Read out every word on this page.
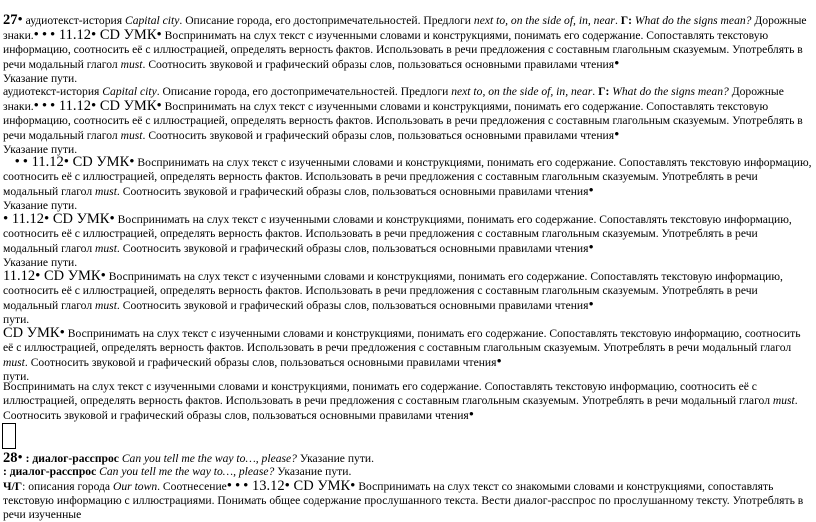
27• аудиотекст-история Capital city. Описание города, его достопримечательностей. Предлоги next to, on the side of, in, near. Г: What do the signs mean? Дорожные знаки.• • • 11.12• CD УМК• Воспринимать на слух текст с изученными словами и конструкциями, понимать его содержание. Сопоставлять текстовую информацию, соотносить её с иллюстрацией, определять верность фактов. Использовать в речи предложения с составным глагольным сказуемым. Употреблять в речи модальный глагол must. Соотносить звуковой и графический образы слов, пользоваться основными правилами чтения•
Указание пути.
аудиотекст-история Capital city. Описание города, его достопримечательностей. Предлоги next to, on the side of, in, near. Г: What do the signs mean? Дорожные знаки.• • • 11.12• CD УМК• Воспринимать на слух текст с изученными словами и конструкциями, понимать его содержание. Сопоставлять текстовую информацию, соотносить её с иллюстрацией, определять верность фактов. Использовать в речи предложения с составным глагольным сказуемым. Употреблять в речи модальный глагол must. Соотносить звуковой и графический образы слов, пользоваться основными правилами чтения•
Указание пути.
• • 11.12• CD УМК• Воспринимать на слух текст с изученными словами и конструкциями, понимать его содержание. Сопоставлять текстовую информацию, соотносить её с иллюстрацией, определять верность фактов. Использовать в речи предложения с составным глагольным сказуемым. Употреблять в речи модальный глагол must. Соотносить звуковой и графический образы слов, пользоваться основными правилами чтения•
Указание пути.
• 11.12• CD УМК• Воспринимать на слух текст с изученными словами и конструкциями, понимать его содержание. Сопоставлять текстовую информацию, соотносить её с иллюстрацией, определять верность фактов. Использовать в речи предложения с составным глагольным сказуемым. Употреблять в речи модальный глагол must. Соотносить звуковой и графический образы слов, пользоваться основными правилами чтения•
Указание пути.
11.12• CD УМК• Воспринимать на слух текст с изученными словами и конструкциями, понимать его содержание. Сопоставлять текстовую информацию, соотносить её с иллюстрацией, определять верность фактов. Использовать в речи предложения с составным глагольным сказуемым. Употреблять в речи модальный глагол must. Соотносить звуковой и графический образы слов, пользоваться основными правилами чтения•
пути.
CD УМК• Воспринимать на слух текст с изученными словами и конструкциями, понимать его содержание. Сопоставлять текстовую информацию, соотносить её с иллюстрацией, определять верность фактов. Использовать в речи предложения с составным глагольным сказуемым. Употреблять в речи модальный глагол must. Соотносить звуковой и графический образы слов, пользоваться основными правилами чтения•
пути.
Воспринимать на слух текст с изученными словами и конструкциями, понимать его содержание. Сопоставлять текстовую информацию, соотносить её с иллюстрацией, определять верность фактов. Использовать в речи предложения с составным глагольным сказуемым. Употреблять в речи модальный глагол must. Соотносить звуковой и графический образы слов, пользоваться основными правилами чтения•
28• : диалог-расспрос Can you tell me the way to…, please? Указание пути.
: диалог-расспрос Can you tell me the way to…, please? Указание пути.
Ч/Г: описания города Our town. Соотнесение• • • 13.12• CD УМК• Воспринимать на слух текст со знакомыми словами и конструкциями, сопоставлять текстовую информацию с иллюстрациями. Понимать общее содержание прослушанного текста. Вести диалог-расспрос по прослушанному тексту. Употреблять в речи изученные
